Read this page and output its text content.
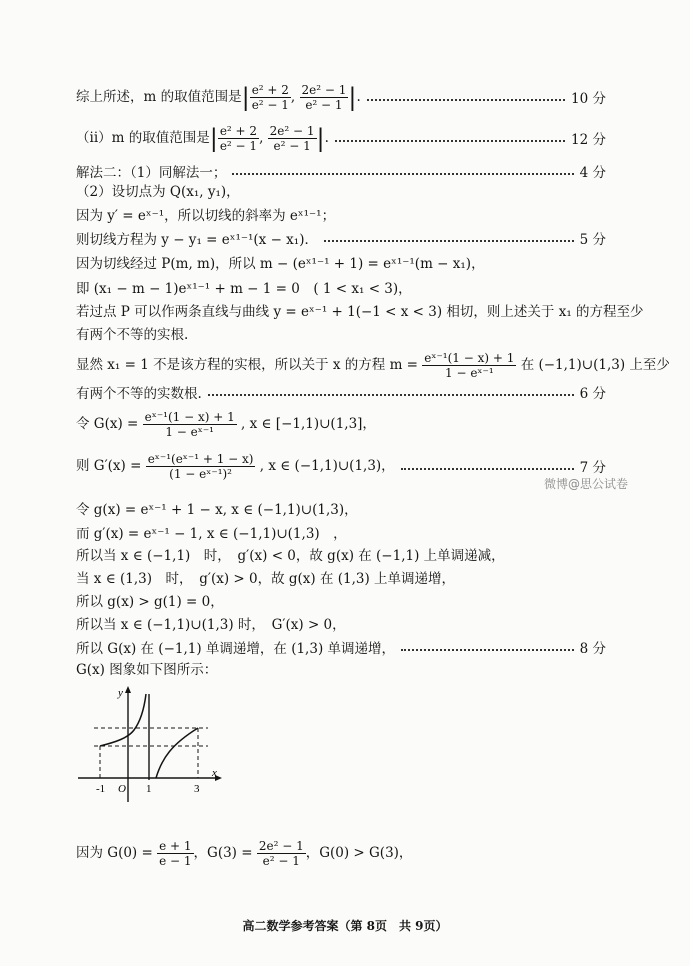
综上所述，m 的取值范围是| $\frac{\text{e² + 2}}{\text{e² − 1}}$ , $\frac{\text{2e² − 1}}{\text{e² − 1}}$ |.	10 分
（ii）m 的取值范围是| $\frac{\text{e² + 2}}{\text{e² − 1}}$ , $\frac{\text{2e² − 1}}{\text{e² − 1}}$ |.	12 分
解法二：（1）同解法一；	4 分
（2）设切点为 Q(x₁, y₁)，
因为 y′ = eˣ⁻¹，所以切线的斜率为 eˣ¹⁻¹；
则切线方程为 y − y₁ = eˣ¹⁻¹(x − x₁)．	5 分
因为切线经过 P(m, m)，所以 m − (eˣ¹⁻¹ + 1) = eˣ¹⁻¹(m − x₁)，
即 (x₁ − m − 1)eˣ¹⁻¹ + m − 1 = 0　( 1 < x₁ < 3)，
若过点 P 可以作两条直线与曲线 y = eˣ⁻¹ + 1(−1 < x < 3) 相切，则上述关于 x₁ 的方程至少
有两个不等的实根.
显然 x₁ = 1 不是该方程的实根，所以关于 x 的方程 $m = \frac{\text{eˣ⁻¹(1 − x) + 1}}{\text{1 − eˣ⁻¹}}$ 在 (−1,1)∪(1,3) 上至少
有两个不等的实数根.	6 分
令 $G(x) = \frac{\text{eˣ⁻¹(1 − x) + 1}}{\text{1 − eˣ⁻¹}}$ , x ∈ [−1,1)∪(1,3]，
则 $G'(x) = \frac{\text{eˣ⁻¹(eˣ⁻¹ + 1 − x)}}{\text{(1 − eˣ⁻¹)²}}$ , x ∈ (−1,1)∪(1,3)，	7 分
微博@思公试卷
令 g(x) = eˣ⁻¹ + 1 − x, x ∈ (−1,1)∪(1,3)，
而 g′(x) = eˣ⁻¹ − 1, x ∈ (−1,1)∪(1,3)　，
所以当 x ∈ (−1,1)　时，　g′(x) < 0，故 g(x) 在 (−1,1) 上单调递减，
当 x ∈ (1,3)　时，　g′(x) > 0，故 g(x) 在 (1,3) 上单调递增，
所以 g(x) > g(1) = 0，
所以当 x ∈ (−1,1)∪(1,3) 时，　G′(x) > 0，
所以 G(x) 在 (−1,1) 单调递增，在 (1,3) 单调递增，	8 分
G(x) 图象如下图所示：
y
x
O
-1	1	3
因为 $G(0) = \frac{e + 1}{e - 1}$ ，$G(3) = \frac{\text{2e² − 1}}{\text{e² − 1}}$ ，G(0) > G(3)，
高二数学参考答案（第 8页　共 9页）
